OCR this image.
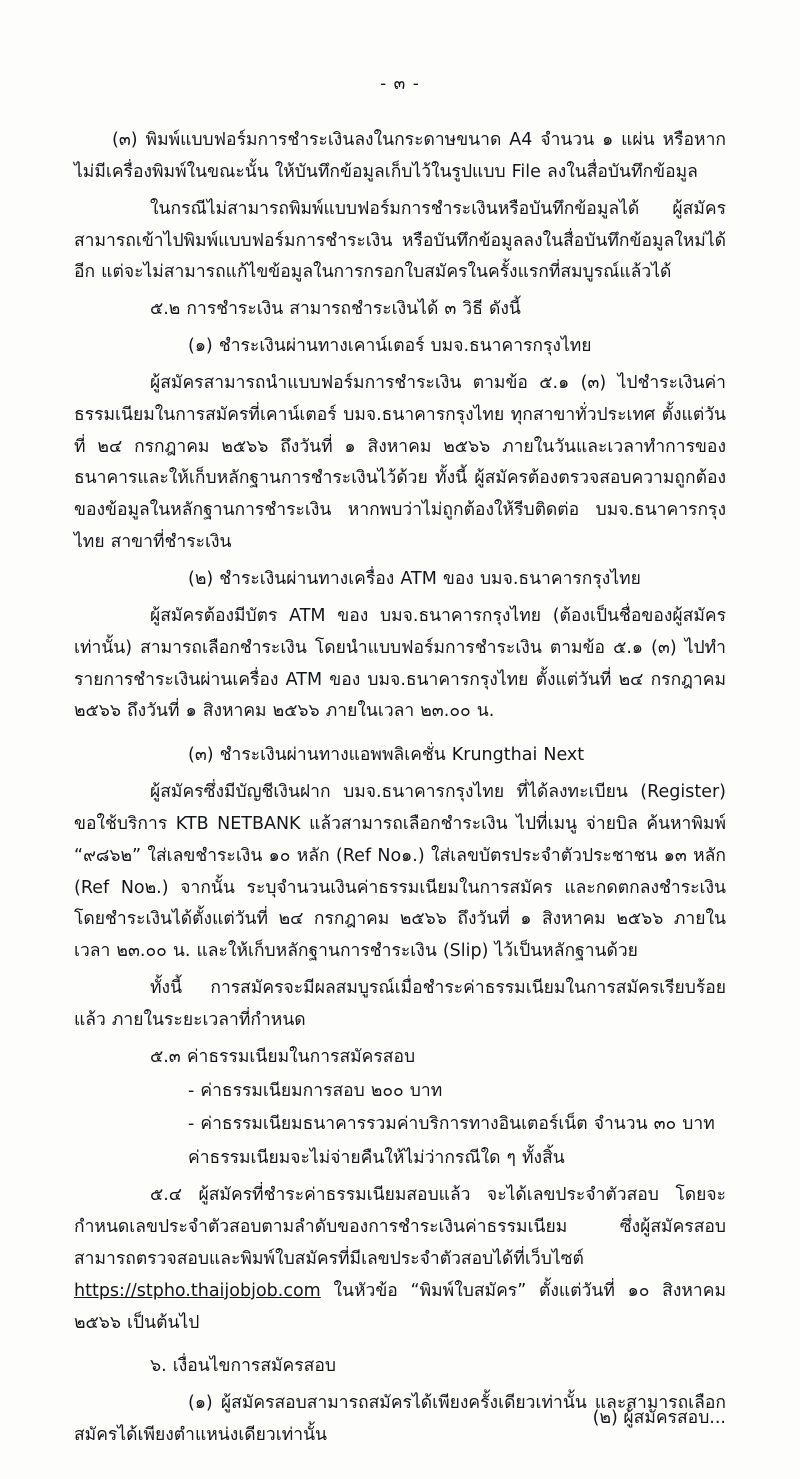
- ๓ -

(๓) พิมพ์แบบฟอร์มการชำระเงินลงในกระดาษขนาด A4 จำนวน ๑ แผ่น หรือหากไม่มีเครื่องพิมพ์ในขณะนั้น ให้บันทึกข้อมูลเก็บไว้ในรูปแบบ File ลงในสื่อบันทึกข้อมูล

ในกรณีไม่สามารถพิมพ์แบบฟอร์มการชำระเงินหรือบันทึกข้อมูลได้ ผู้สมัครสามารถเข้าไปพิมพ์แบบฟอร์มการชำระเงิน หรือบันทึกข้อมูลลงในสื่อบันทึกข้อมูลใหม่ได้อีก แต่จะไม่สามารถแก้ไขข้อมูลในการกรอกใบสมัครในครั้งแรกที่สมบูรณ์แล้วได้

๕.๒ การชำระเงิน สามารถชำระเงินได้ ๓ วิธี ดังนี้

(๑) ชำระเงินผ่านทางเคาน์เตอร์ บมจ.ธนาคารกรุงไทย

ผู้สมัครสามารถนำแบบฟอร์มการชำระเงิน ตามข้อ ๕.๑ (๓) ไปชำระเงินค่าธรรมเนียมในการสมัครที่เคาน์เตอร์ บมจ.ธนาคารกรุงไทย ทุกสาขาทั่วประเทศ ตั้งแต่วันที่ ๒๔ กรกฎาคม ๒๕๖๖ ถึงวันที่ ๑ สิงหาคม ๒๕๖๖ ภายในวันและเวลาทำการของธนาคารและให้เก็บหลักฐานการชำระเงินไว้ด้วย ทั้งนี้ ผู้สมัครต้องตรวจสอบความถูกต้องของข้อมูลในหลักฐานการชำระเงิน หากพบว่าไม่ถูกต้องให้รีบติดต่อ บมจ.ธนาคารกรุงไทย สาขาที่ชำระเงิน

(๒) ชำระเงินผ่านทางเครื่อง ATM ของ บมจ.ธนาคารกรุงไทย

ผู้สมัครต้องมีบัตร ATM ของ บมจ.ธนาคารกรุงไทย (ต้องเป็นชื่อของผู้สมัครเท่านั้น) สามารถเลือกชำระเงิน โดยนำแบบฟอร์มการชำระเงิน ตามข้อ ๕.๑ (๓) ไปทำรายการชำระเงินผ่านเครื่อง ATM ของ บมจ.ธนาคารกรุงไทย ตั้งแต่วันที่ ๒๔ กรกฎาคม ๒๕๖๖ ถึงวันที่ ๑ สิงหาคม ๒๕๖๖ ภายในเวลา ๒๓.๐๐ น.

(๓) ชำระเงินผ่านทางแอพพลิเคชั่น Krungthai Next

ผู้สมัครซึ่งมีบัญชีเงินฝาก บมจ.ธนาคารกรุงไทย ที่ได้ลงทะเบียน (Register) ขอใช้บริการ KTB NETBANK แล้วสามารถเลือกชำระเงิน ไปที่เมนู จ่ายบิล ค้นหาพิมพ์ “๙๘๖๒” ใส่เลขชำระเงิน ๑๐ หลัก (Ref No๑.) ใส่เลขบัตรประจำตัวประชาชน ๑๓ หลัก (Ref No๒.) จากนั้น ระบุจำนวนเงินค่าธรรมเนียมในการสมัคร และกดตกลงชำระเงินโดยชำระเงินได้ตั้งแต่วันที่ ๒๔ กรกฎาคม ๒๕๖๖ ถึงวันที่ ๑ สิงหาคม ๒๕๖๖ ภายในเวลา ๒๓.๐๐ น. และให้เก็บหลักฐานการชำระเงิน (Slip) ไว้เป็นหลักฐานด้วย

ทั้งนี้ การสมัครจะมีผลสมบูรณ์เมื่อชำระค่าธรรมเนียมในการสมัครเรียบร้อยแล้ว ภายในระยะเวลาที่กำหนด

๕.๓ ค่าธรรมเนียมในการสมัครสอบ

- ค่าธรรมเนียมการสอบ ๒๐๐ บาท

- ค่าธรรมเนียมธนาคารรวมค่าบริการทางอินเตอร์เน็ต จำนวน ๓๐ บาท

ค่าธรรมเนียมจะไม่จ่ายคืนให้ไม่ว่ากรณีใด ๆ ทั้งสิ้น

๕.๔ ผู้สมัครที่ชำระค่าธรรมเนียมสอบแล้ว จะได้เลขประจำตัวสอบ โดยจะกำหนดเลขประจำตัวสอบตามลำดับของการชำระเงินค่าธรรมเนียม ซึ่งผู้สมัครสอบสามารถตรวจสอบและพิมพ์ใบสมัครที่มีเลขประจำตัวสอบได้ที่เว็บไซต์ https://stpho.thaijobjob.com ในหัวข้อ “พิมพ์ใบสมัคร” ตั้งแต่วันที่ ๑๐ สิงหาคม ๒๕๖๖ เป็นต้นไป

๖. เงื่อนไขการสมัครสอบ

(๑) ผู้สมัครสอบสามารถสมัครได้เพียงครั้งเดียวเท่านั้น และสามารถเลือกสมัครได้เพียงตำแหน่งเดียวเท่านั้น

(๒) ผู้สมัครสอบ...
